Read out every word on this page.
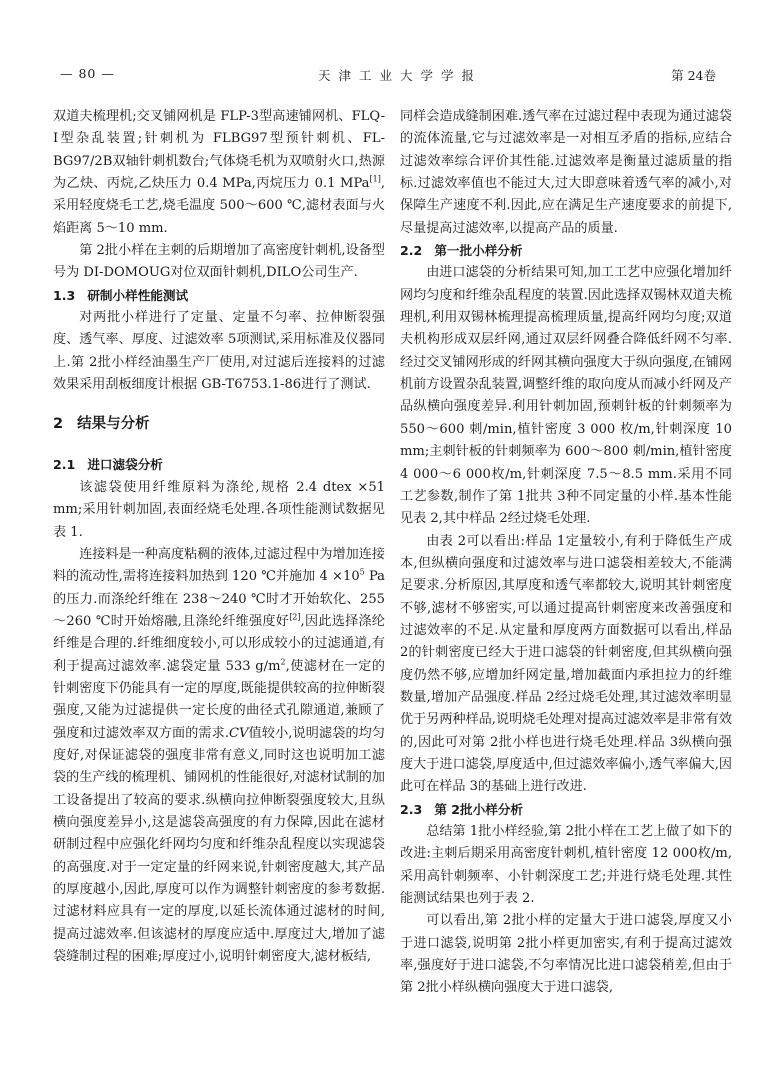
— 80 —	天津工业大学学报	第 24卷

双道夫梳理机;交叉铺网机是 FLP-3型高速铺网机、FLQ-Ⅰ型杂乱装置;针刺机为 FLBG97型预针刺机、FL-BG97/2B双轴针刺机数台;气体烧毛机为双喷射火口,热源为乙炔、丙烷,乙炔压力 0.4 MPa,丙烷压力 0.1 MPa[1],采用轻度烧毛工艺,烧毛温度 500～600 ℃,滤材表面与火焰距离 5～10 mm.

第 2批小样在主刺的后期增加了高密度针刺机,设备型号为 DI-DOMOUG对位双面针刺机,DILO公司生产.

1.3 研制小样性能测试

对两批小样进行了定量、定量不匀率、拉伸断裂强度、透气率、厚度、过滤效率 5项测试,采用标准及仪器同上.第 2批小样经油墨生产厂使用,对过滤后连接料的过滤效果采用刮板细度计根据 GB-T6753.1-86进行了测试.

2 结果与分析
2.1 进口滤袋分析

该滤袋使用纤维原料为涤纶,规格 2.4 dtex ×51 mm;采用针刺加固,表面经烧毛处理.各项性能测试数据见表 1.

连接料是一种高度粘稠的液体,过滤过程中为增加连接料的流动性,需将连接料加热到 120 ℃并施加 $4 \times 10^5$ Pa的压力.而涤纶纤维在 238～240 ℃时才开始软化、255～260 ℃时开始熔融,且涤纶纤维强度好[2],因此选择涤纶纤维是合理的.纤维细度较小,可以形成较小的过滤通道,有利于提高过滤效率.滤袋定量 533 $g/m^2$,使滤材在一定的针刺密度下仍能具有一定的厚度,既能提供较高的拉伸断裂强度,又能为过滤提供一定长度的曲径式孔隙通道,兼顾了强度和过滤效率双方面的需求.CV值较小,说明滤袋的均匀度好,对保证滤袋的强度非常有意义,同时这也说明加工滤袋的生产线的梳理机、铺网机的性能很好,对滤材试制的加工设备提出了较高的要求.纵横向拉伸断裂强度较大,且纵横向强度差异小,这是滤袋高强度的有力保障,因此在滤材研制过程中应强化纤网均匀度和纤维杂乱程度以实现滤袋的高强度.对于一定定量的纤网来说,针刺密度越大,其产品的厚度越小,因此,厚度可以作为调整针刺密度的参考数据.过滤材料应具有一定的厚度,以延长流体通过滤材的时间,提高过滤效率.但该滤材的厚度应适中.厚度过大,增加了滤袋缝制过程的困难;厚度过小,说明针刺密度大,滤材板结,

同样会造成缝制困难.透气率在过滤过程中表现为通过滤袋的流体流量,它与过滤效率是一对相互矛盾的指标,应结合过滤效率综合评价其性能.过滤效率是衡量过滤质量的指标.过滤效率值也不能过大,过大即意味着透气率的减小,对保障生产速度不利.因此,应在满足生产速度要求的前提下,尽量提高过滤效率,以提高产品的质量.

2.2 第一批小样分析

由进口滤袋的分析结果可知,加工工艺中应强化增加纤网均匀度和纤维杂乱程度的装置.因此选择双锡林双道夫梳理机,利用双锡林梳理提高梳理质量,提高纤网均匀度;双道夫机构形成双层纤网,通过双层纤网叠合降低纤网不匀率.经过交叉铺网形成的纤网其横向强度大于纵向强度,在铺网机前方设置杂乱装置,调整纤维的取向度从而减小纤网及产品纵横向强度差异.利用针刺加固,预刺针板的针刺频率为 550～600 刺/min,植针密度 3 000 枚/m,针刺深度 10 mm;主刺针板的针刺频率为 600～800 刺/min,植针密度 4 000～6 000枚/m,针刺深度 7.5～8.5 mm.采用不同工艺参数,制作了第 1批共 3种不同定量的小样.基本性能见表 2,其中样品 2经过烧毛处理.

由表 2可以看出:样品 1定量较小,有利于降低生产成本,但纵横向强度和过滤效率与进口滤袋相差较大,不能满足要求.分析原因,其厚度和透气率都较大,说明其针刺密度不够,滤材不够密实,可以通过提高针刺密度来改善强度和过滤效率的不足.从定量和厚度两方面数据可以看出,样品 2的针刺密度已经大于进口滤袋的针刺密度,但其纵横向强度仍然不够,应增加纤网定量,增加截面内承担拉力的纤维数量,增加产品强度.样品 2经过烧毛处理,其过滤效率明显优于另两种样品,说明烧毛处理对提高过滤效率是非常有效的,因此可对第 2批小样也进行烧毛处理.样品 3纵横向强度大于进口滤袋,厚度适中,但过滤效率偏小,透气率偏大,因此可在样品 3的基础上进行改进.

2.3 第 2批小样分析

总结第 1批小样经验,第 2批小样在工艺上做了如下的改进:主刺后期采用高密度针刺机,植针密度 12 000枚/m,采用高针刺频率、小针刺深度工艺;并进行烧毛处理.其性能测试结果也列于表 2.

可以看出,第 2批小样的定量大于进口滤袋,厚度又小于进口滤袋,说明第 2批小样更加密实,有利于提高过滤效率,强度好于进口滤袋,不匀率情况比进口滤袋稍差,但由于第 2批小样纵横向强度大于进口滤袋,
